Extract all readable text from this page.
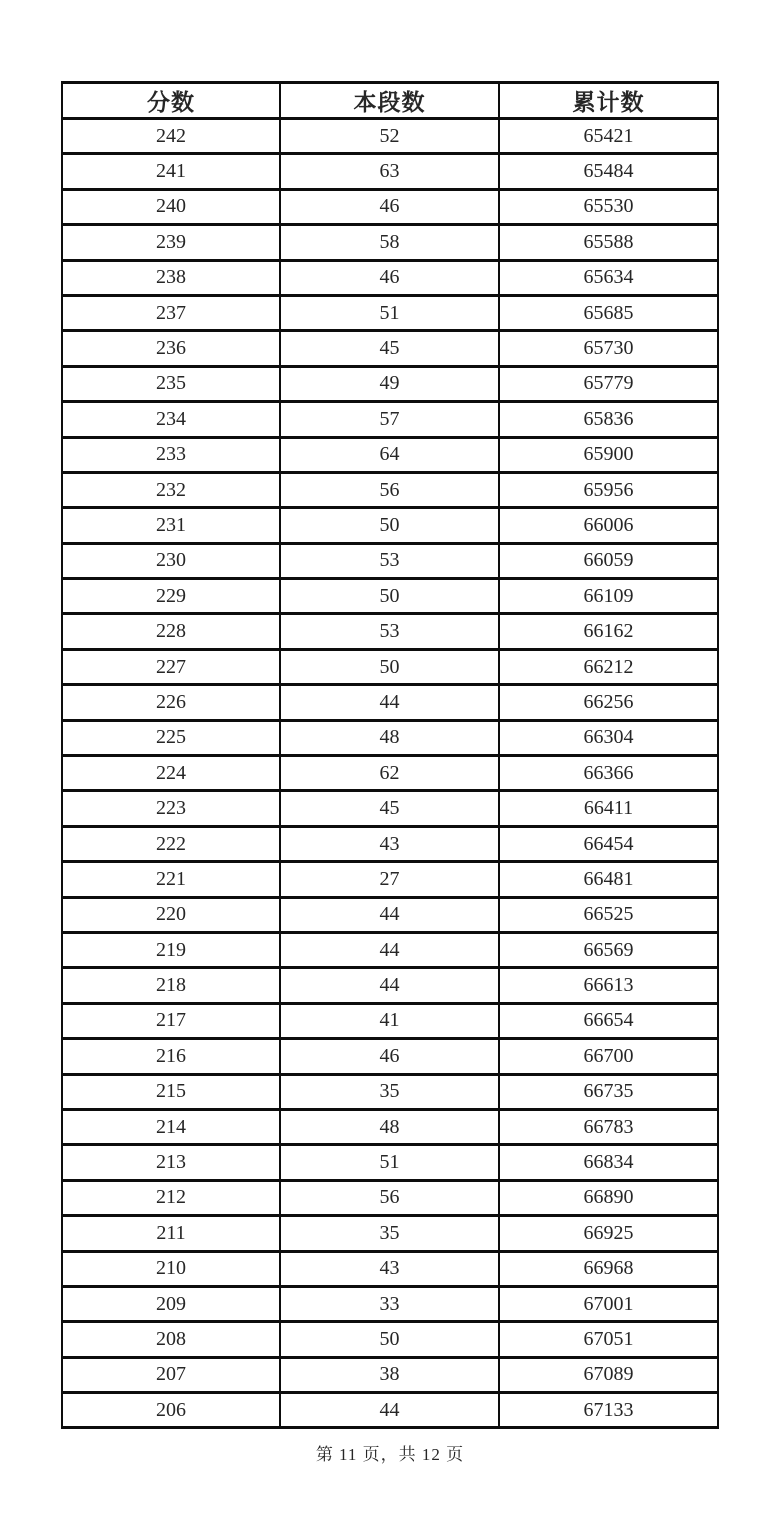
分数	本段数	累计数
242	52	65421
241	63	65484
240	46	65530
239	58	65588
238	46	65634
237	51	65685
236	45	65730
235	49	65779
234	57	65836
233	64	65900
232	56	65956
231	50	66006
230	53	66059
229	50	66109
228	53	66162
227	50	66212
226	44	66256
225	48	66304
224	62	66366
223	45	66411
222	43	66454
221	27	66481
220	44	66525
219	44	66569
218	44	66613
217	41	66654
216	46	66700
215	35	66735
214	48	66783
213	51	66834
212	56	66890
211	35	66925
210	43	66968
209	33	67001
208	50	67051
207	38	67089
206	44	67133
第 11 页，共 12 页
